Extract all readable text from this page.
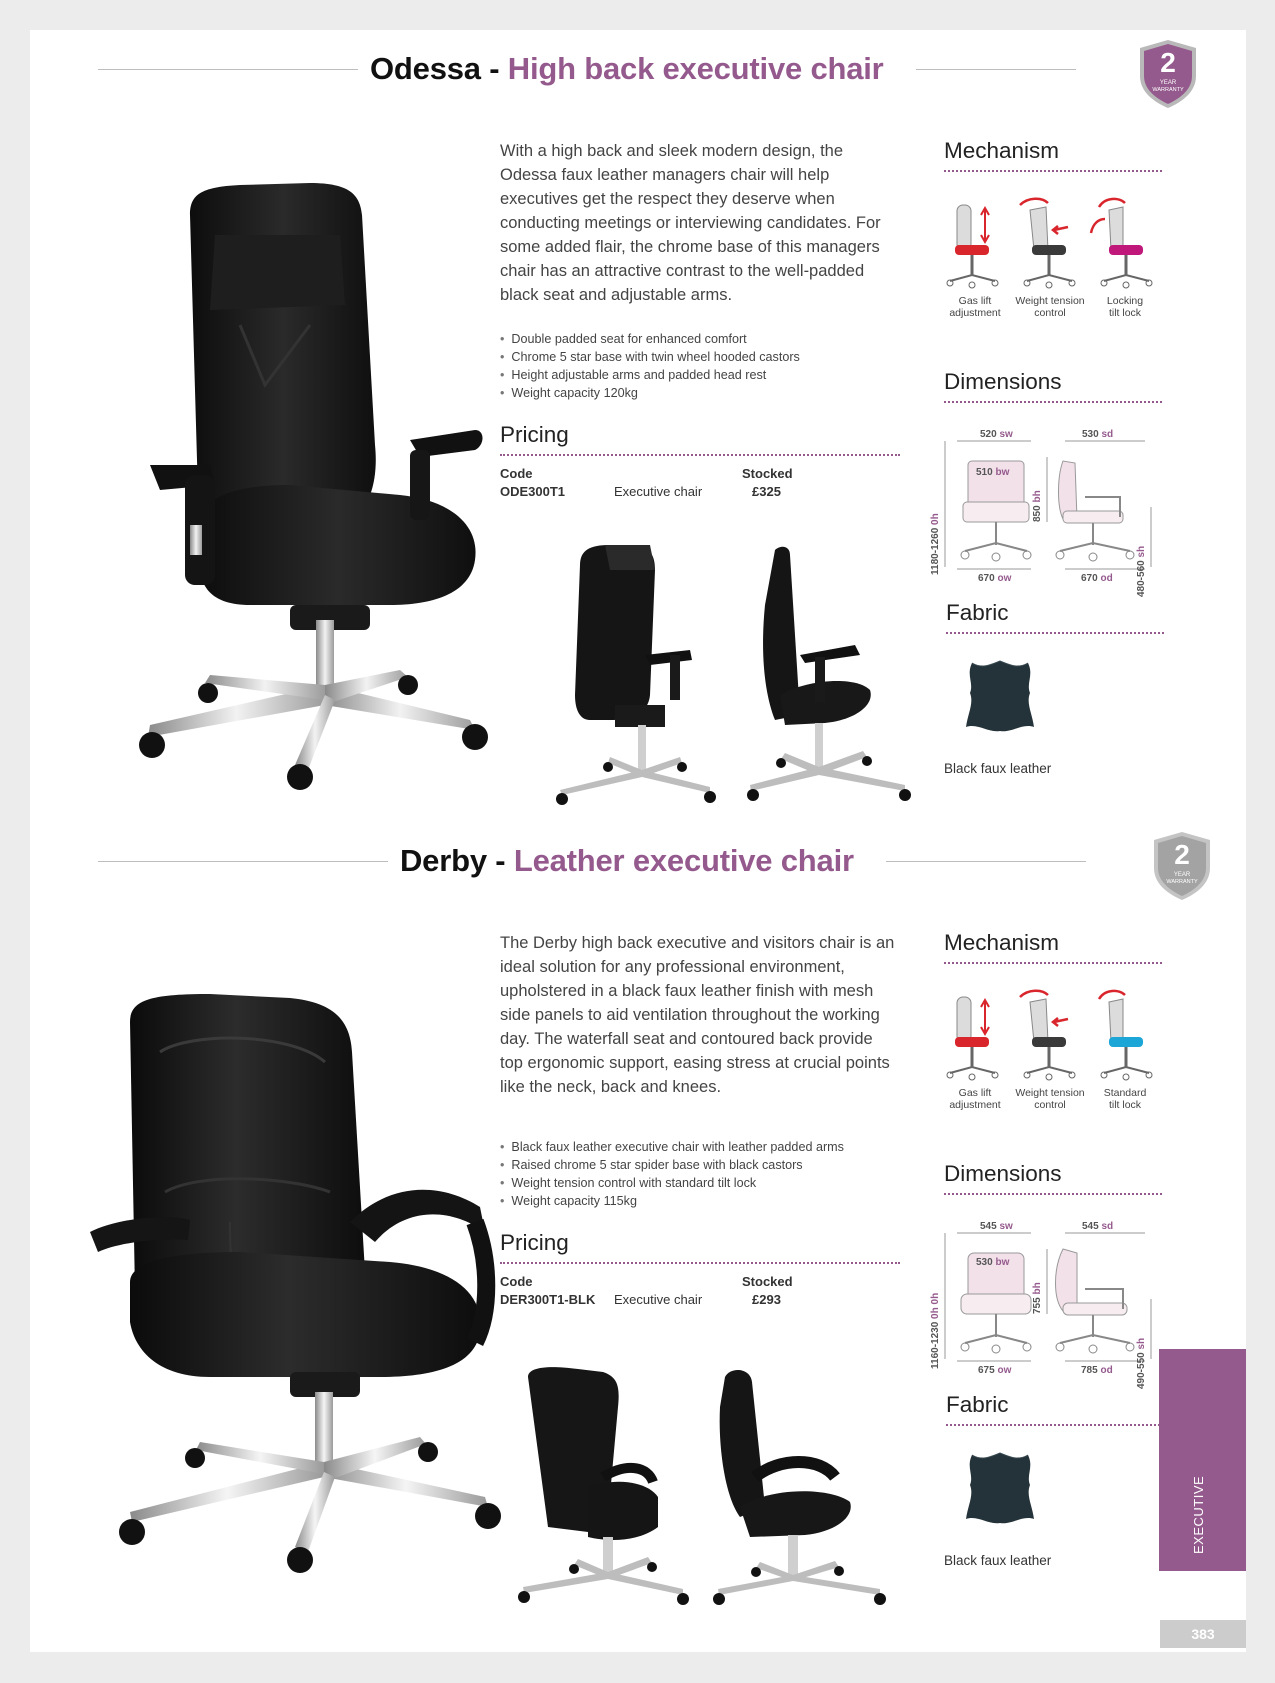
Odessa - High back executive chair	2
YEAR
WARRANTY

With a high back and sleek modern design, the Odessa faux leather managers chair will help executives get the respect they deserve when conducting meetings or interviewing candidates. For some added flair, the chrome base of this managers chair has an attractive contrast to the well-padded black seat and adjustable arms.

• Double padded seat for enhanced comfort
• Chrome 5 star base with twin wheel hooded castors
• Height adjustable arms and padded head rest
• Weight capacity 120kg
Pricing
Code	Stocked
ODE300T1	Executive chair	£325
Mechanism
Gas lift
adjustment
Weight tension
control
Locking
tilt lock
Dimensions
520 sw
510 bw
1180-1260 0h
670 ow
530 sd
850 bh
480-560 sh
670 od
Fabric
Black faux leather
Derby - Leather executive chair	2
YEAR
WARRANTY

The Derby high back executive and visitors chair is an ideal solution for any professional environment, upholstered in a black faux leather finish with mesh side panels to aid ventilation throughout the working day. The waterfall seat and contoured back provide top ergonomic support, easing stress at crucial points like the neck, back and knees.

• Black faux leather executive chair with leather padded arms
• Raised chrome 5 star spider base with black castors
• Weight tension control with standard tilt lock
• Weight capacity 115kg
Pricing
Code	Stocked
DER300T1-BLK Executive chair	£293
Mechanism
Gas lift
adjustment
Weight tension
control
Standard
tilt lock
Dimensions
545 sw
530 bw
1160-1230 0h 0h
675 ow
545 sd
755 bh
490-550 sh
785 od
Fabric
Black faux leather
EXECUTIVE
383
